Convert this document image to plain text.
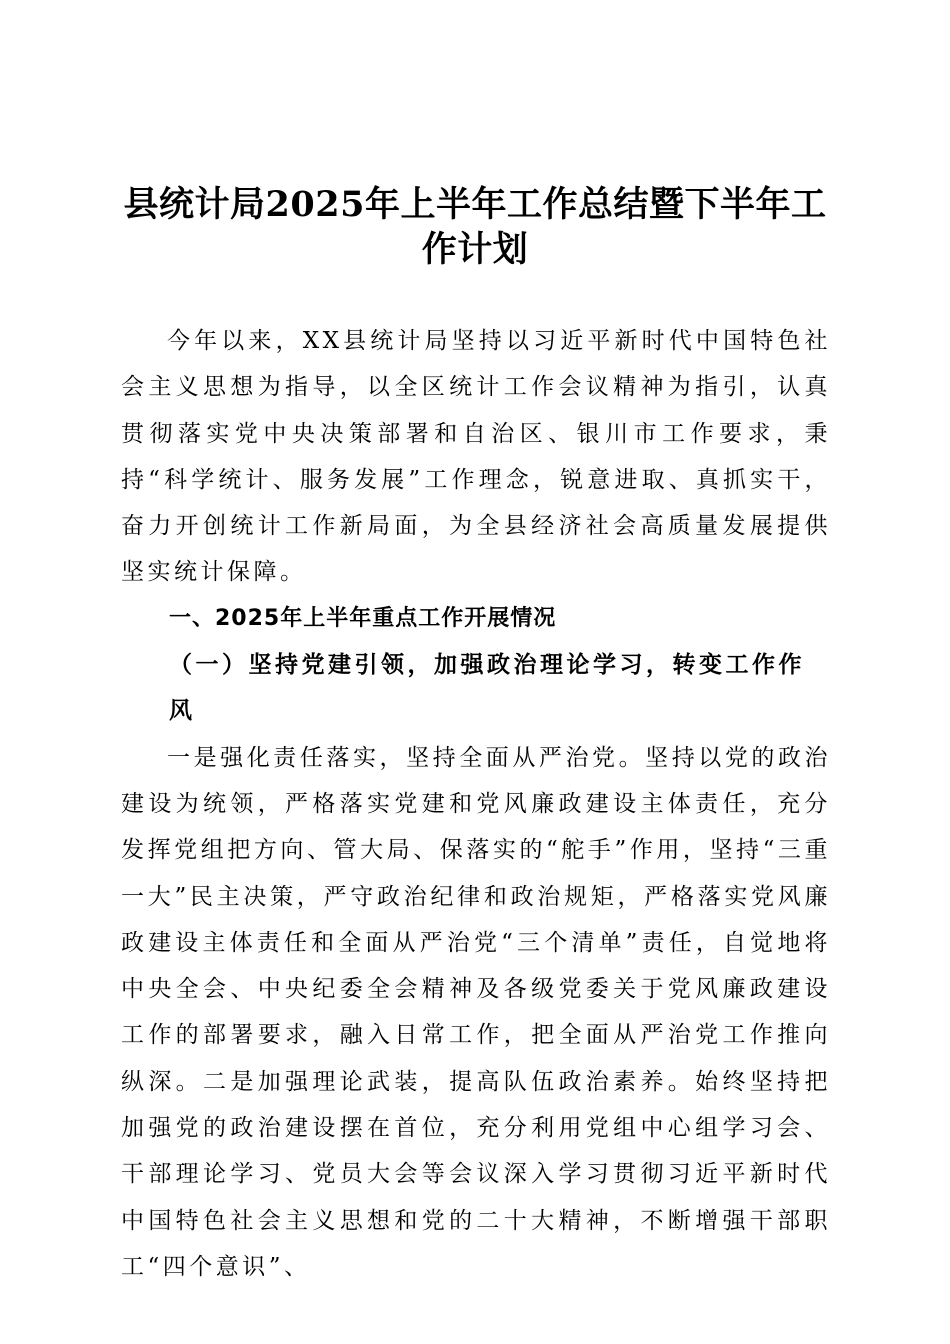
县统计局2025年上半年工作总结暨下半年工作计划

今年以来，XX县统计局坚持以习近平新时代中国特色社会主义思想为指导，以全区统计工作会议精神为指引，认真贯彻落实党中央决策部署和自治区、银川市工作要求，秉持“科学统计、服务发展”工作理念，锐意进取、真抓实干，奋力开创统计工作新局面，为全县经济社会高质量发展提供坚实统计保障。

一、2025年上半年重点工作开展情况

（一）坚持党建引领，加强政治理论学习，转变工作作风

一是强化责任落实，坚持全面从严治党。坚持以党的政治建设为统领，严格落实党建和党风廉政建设主体责任，充分发挥党组把方向、管大局、保落实的“舵手”作用，坚持“三重一大”民主决策，严守政治纪律和政治规矩，严格落实党风廉政建设主体责任和全面从严治党“三个清单”责任，自觉地将中央全会、中央纪委全会精神及各级党委关于党风廉政建设工作的部署要求，融入日常工作，把全面从严治党工作推向纵深。二是加强理论武装，提高队伍政治素养。始终坚持把加强党的政治建设摆在首位，充分利用党组中心组学习会、干部理论学习、党员大会等会议深入学习贯彻习近平新时代中国特色社会主义思想和党的二十大精神，不断增强干部职工“四个意识”、
